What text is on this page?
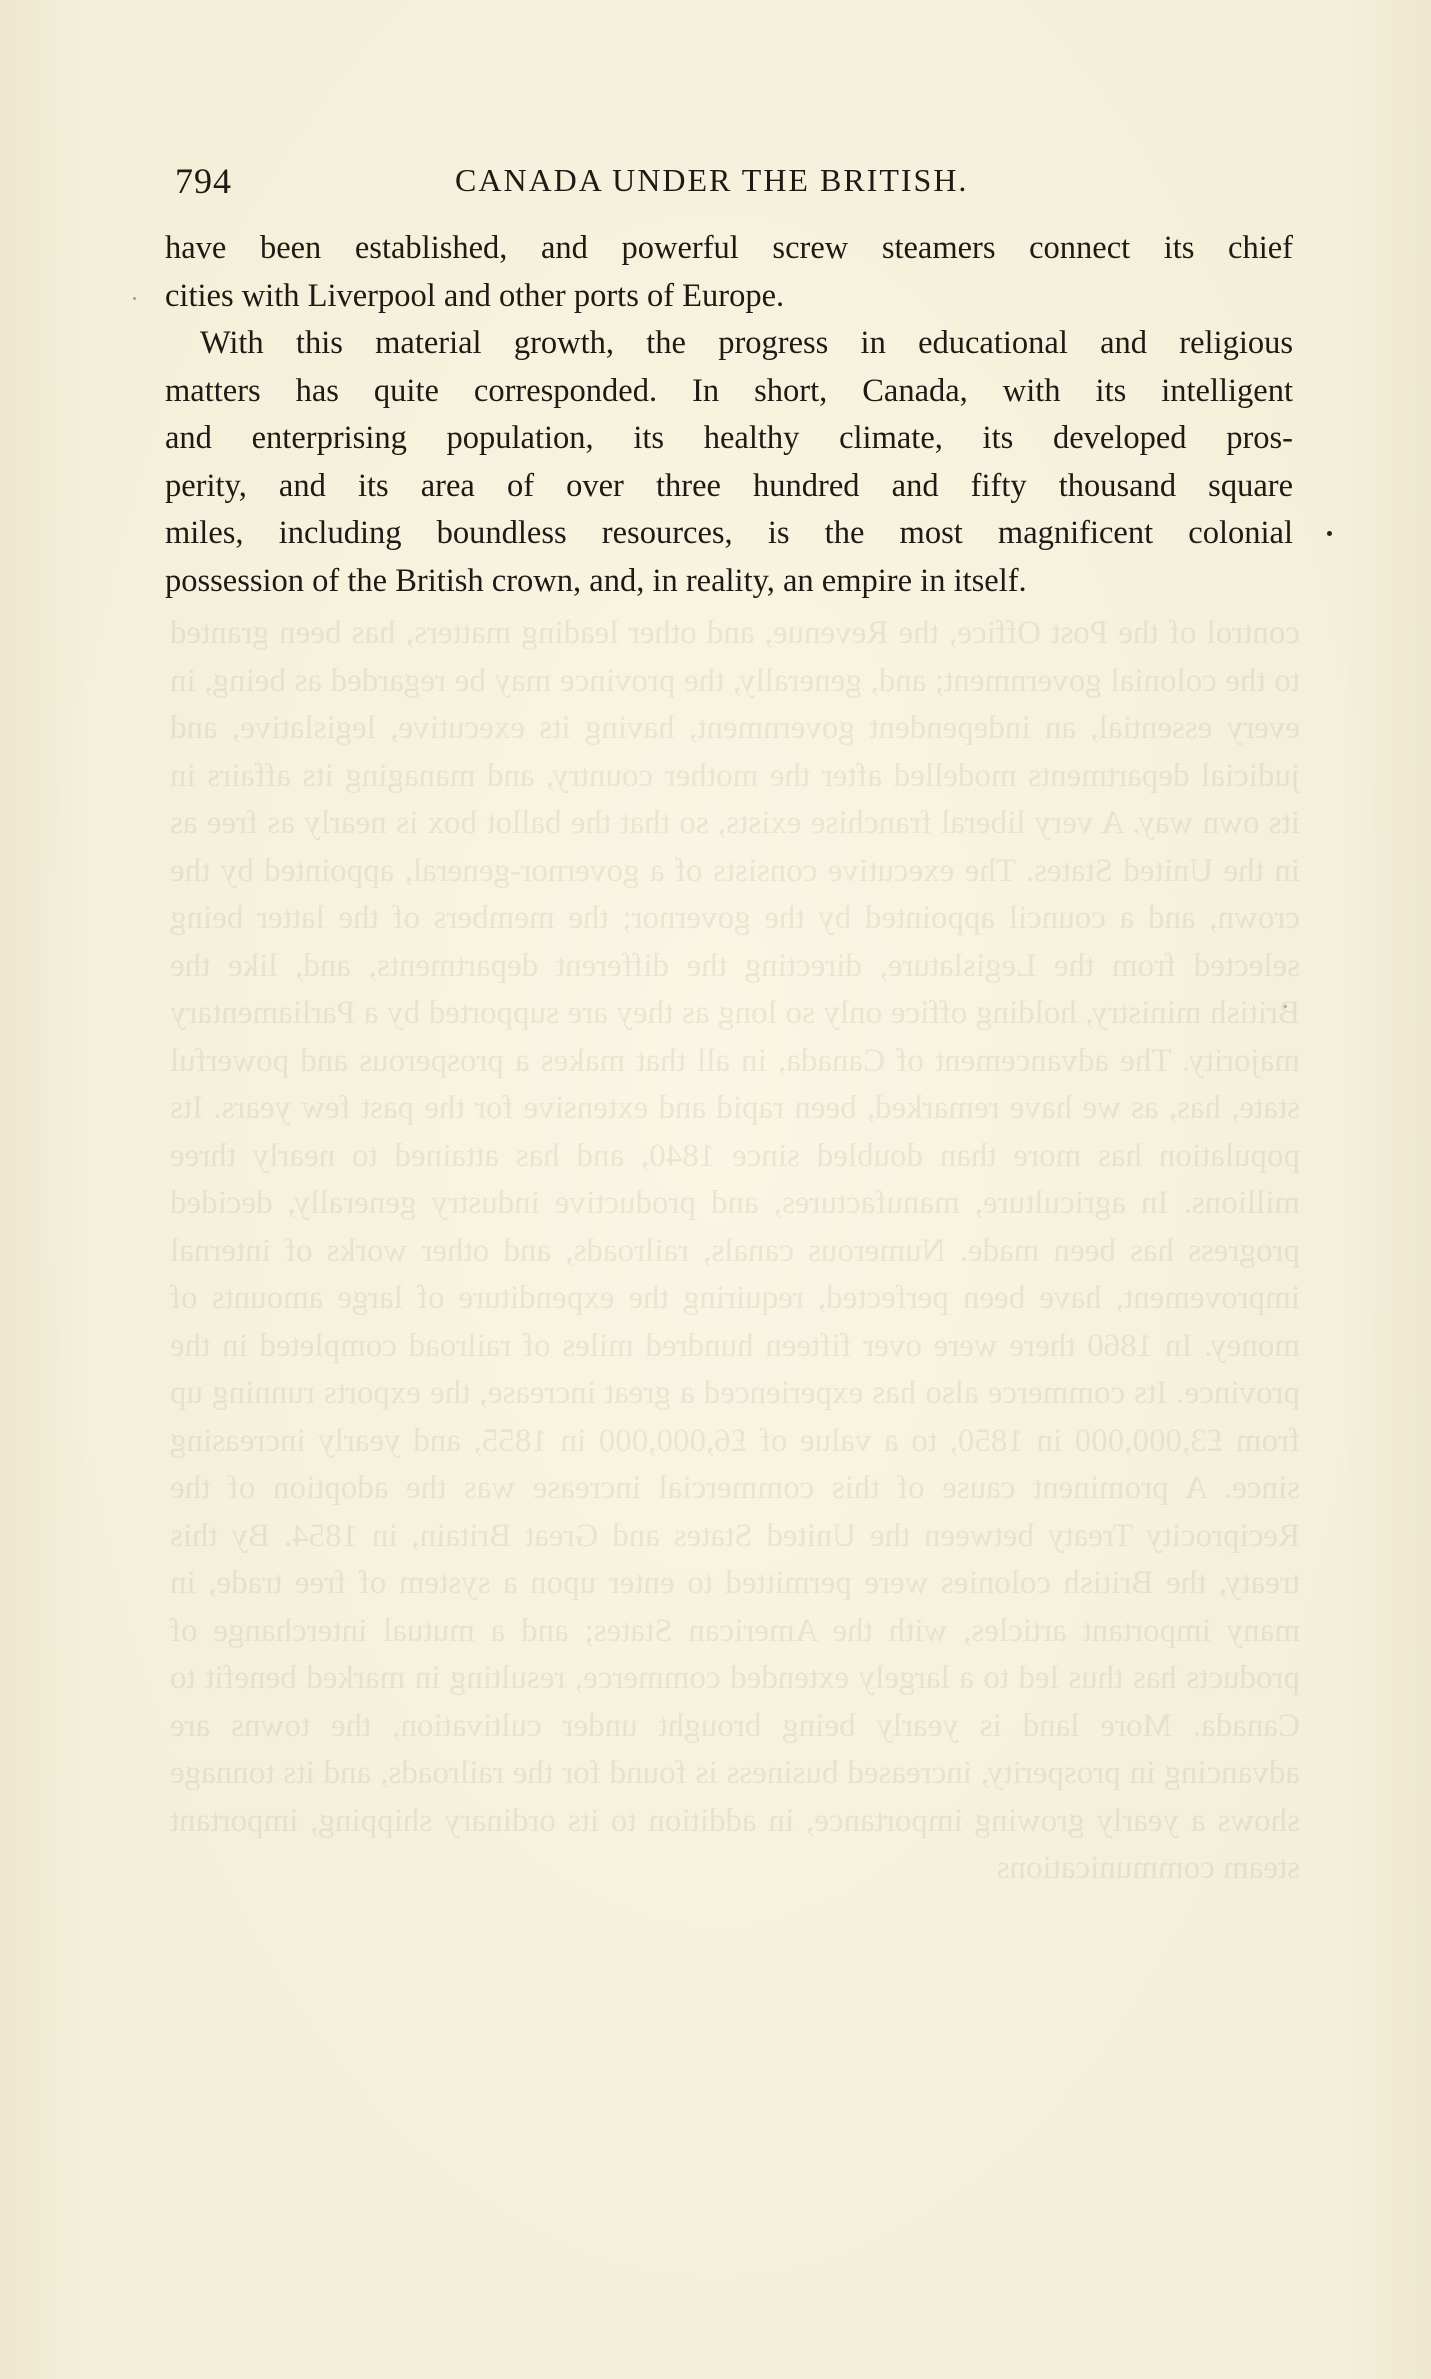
control of the Post Office, the Revenue, and other leading matters, has been granted to the colonial government; and, generally, the province may be regarded as being, in every essential, an independent government, having its executive, legislative, and judicial departments modelled after the mother country, and managing its affairs in its own way. A very liberal franchise exists, so that the ballot box is nearly as free as in the United States. The executive consists of a governor-general, appointed by the crown, and a council appointed by the governor; the members of the latter being selected from the Legislature, directing the different departments, and, like the British ministry, holding office only so long as they are supported by a Parliamentary majority. The advancement of Canada, in all that makes a prosperous and powerful state, has, as we have remarked, been rapid and extensive for the past few years. Its population has more than doubled since 1840, and has attained to nearly three millions. In agriculture, manufactures, and productive industry generally, decided progress has been made. Numerous canals, railroads, and other works of internal improvement, have been perfected, requiring the expenditure of large amounts of money. In 1860 there were over fifteen hundred miles of railroad completed in the province. Its commerce also has experienced a great increase, the exports running up from £3,000,000 in 1850, to a value of £6,000,000 in 1855, and yearly increasing since. A prominent cause of this commercial increase was the adoption of the Reciprocity Treaty between the United States and Great Britain, in 1854. By this treaty, the British colonies were permitted to enter upon a system of free trade, in many important articles, with the American States; and a mutual interchange of products has thus led to a largely extended commerce, resulting in marked benefit to Canada. More land is yearly being brought under cultivation, the towns are advancing in prosperity, increased business is found for the railroads, and its tonnage shows a yearly growing importance, in addition to its ordinary shipping, important steam communications
794	CANADA UNDER THE BRITISH.

have been established, and powerful screw steamers connect its chief

cities with Liverpool and other ports of Europe.

With this material growth, the progress in educational and religious

matters has quite corresponded. In short, Canada, with its intelligent

and enterprising population, its healthy climate, its developed pros-

perity, and its area of over three hundred and fifty thousand square

miles, including boundless resources, is the most magnificent colonial

possession of the British crown, and, in reality, an empire in itself.
